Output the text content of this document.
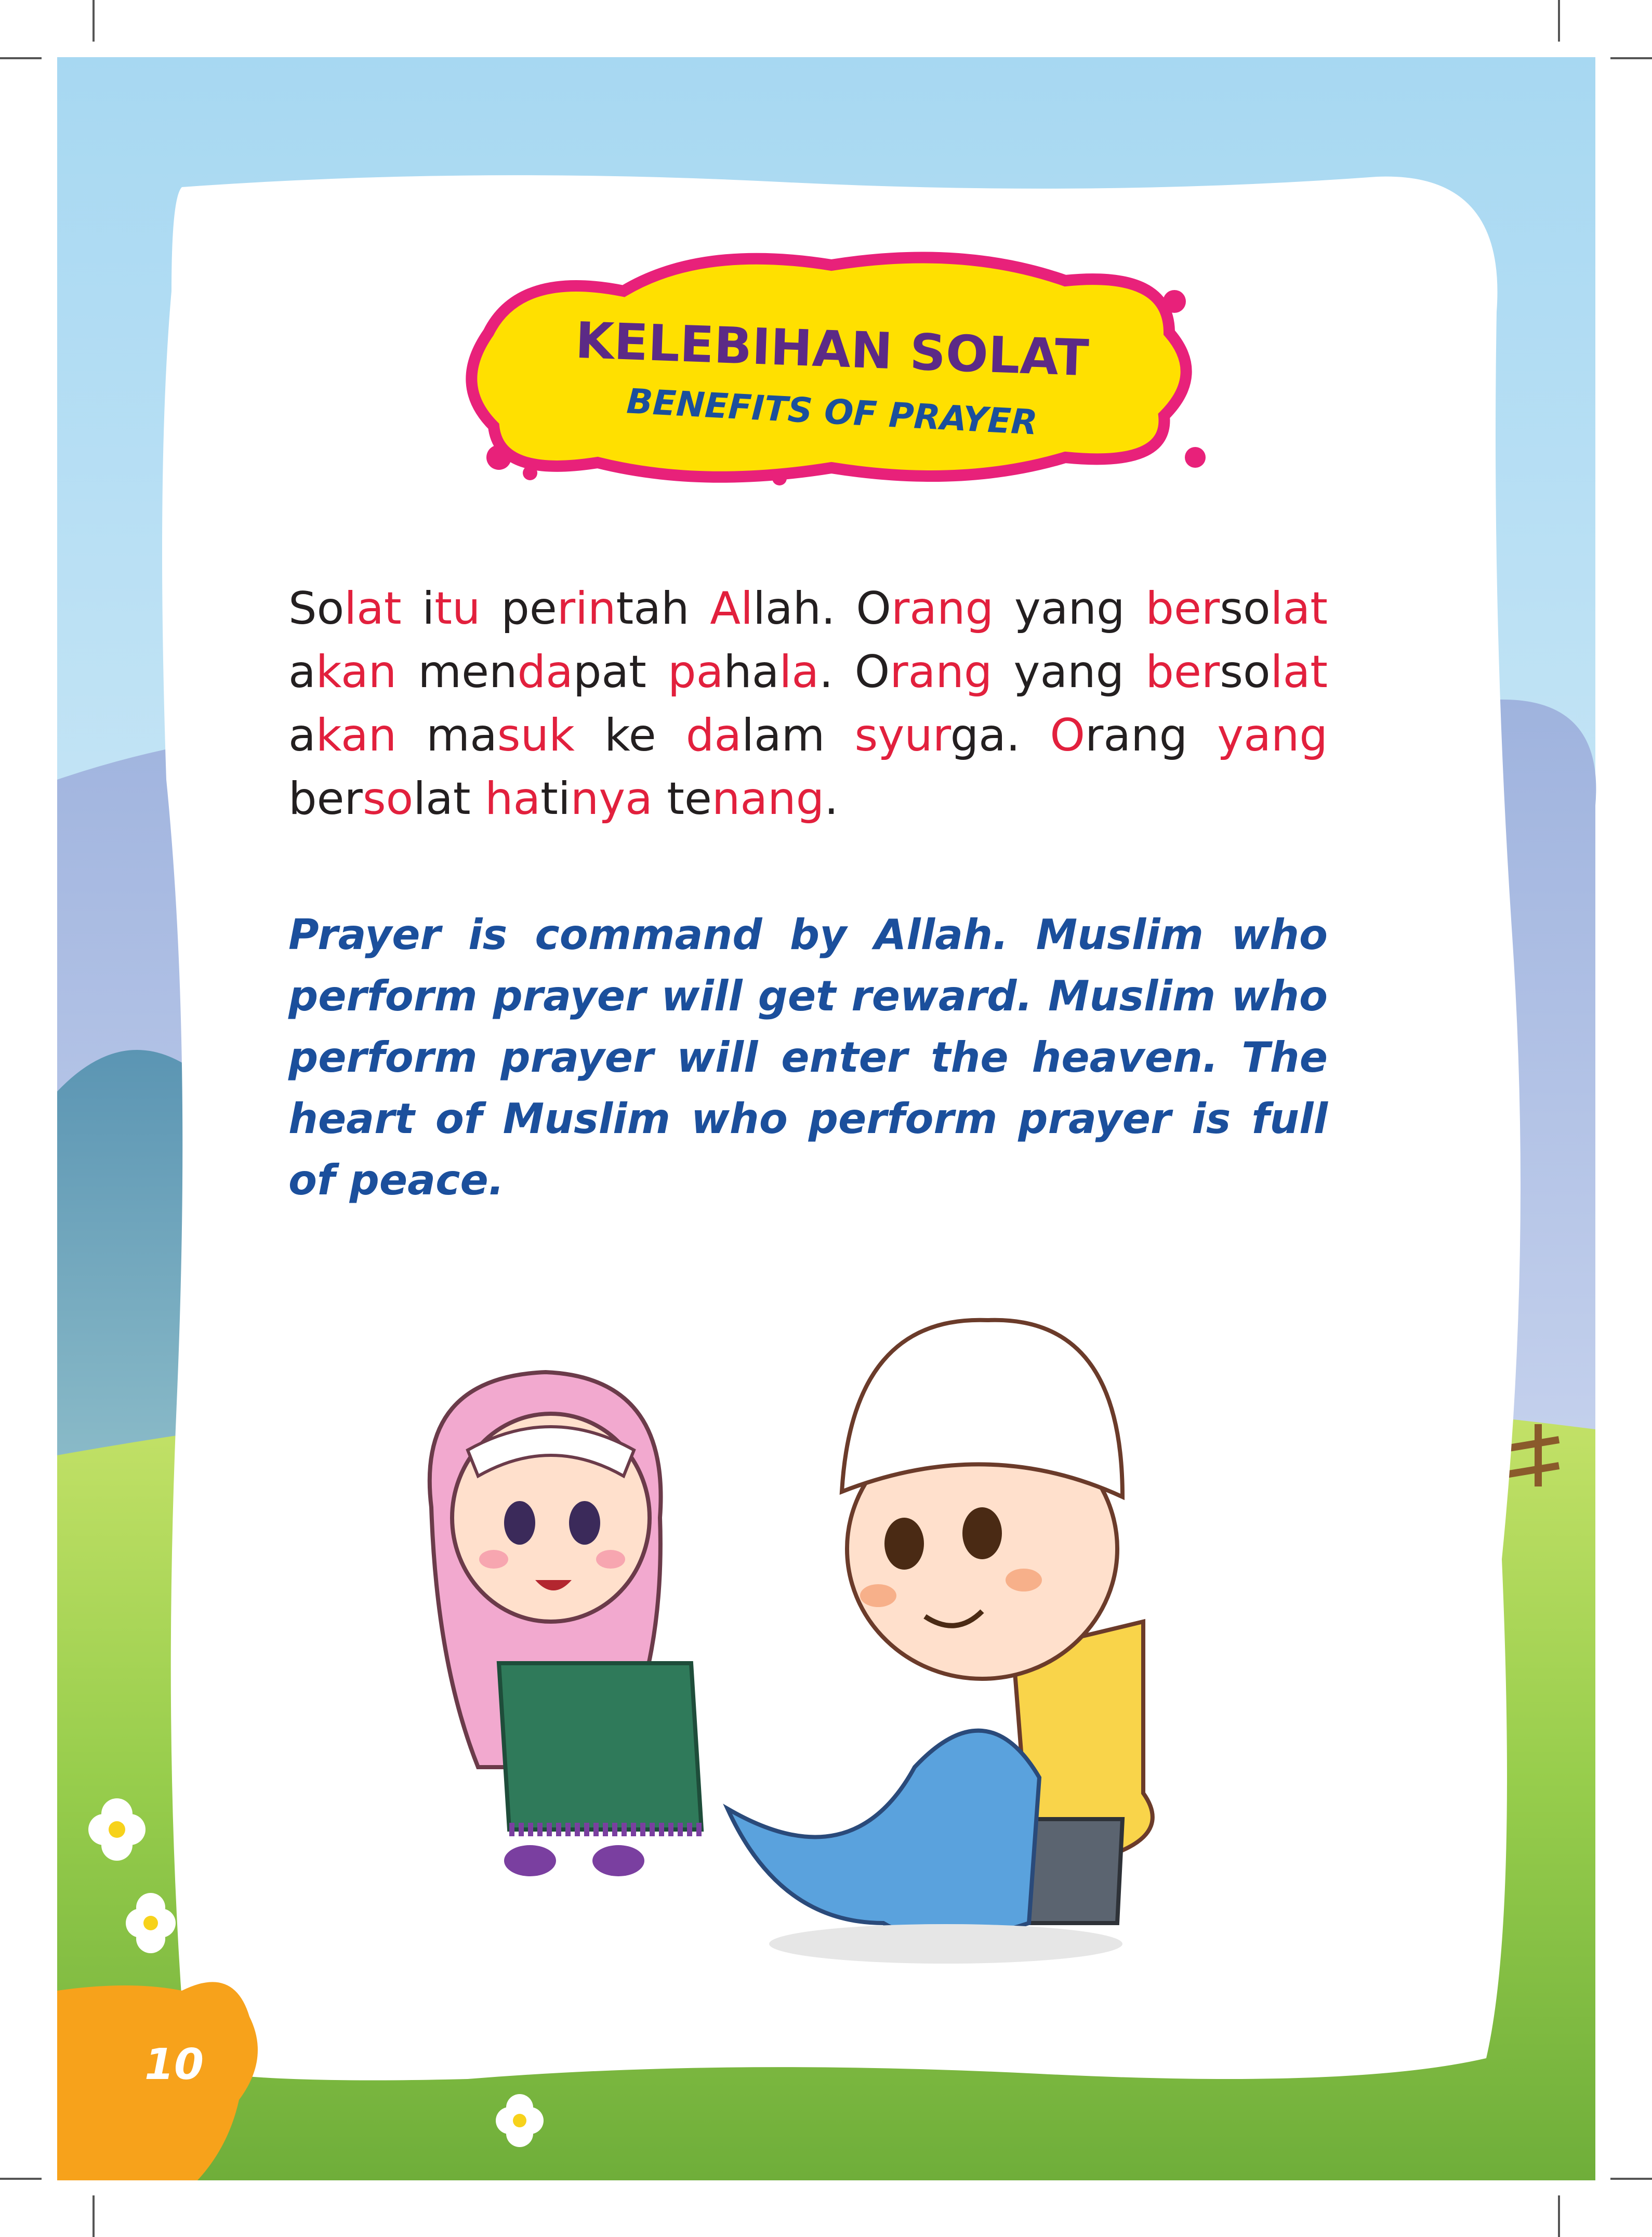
KELEBIHAN SOLAT
BENEFITS OF PRAYER

Solat itu perintah Allah. Orang yang bersolat akan mendapat pahala. Orang yang bersolat akan masuk ke dalam syurga. Orang yang bersolat hatinya tenang.

Prayer is command by Allah. Muslim who perform prayer will get reward. Muslim who perform prayer will enter the heaven. The heart of Muslim who perform prayer is full of peace.

10
